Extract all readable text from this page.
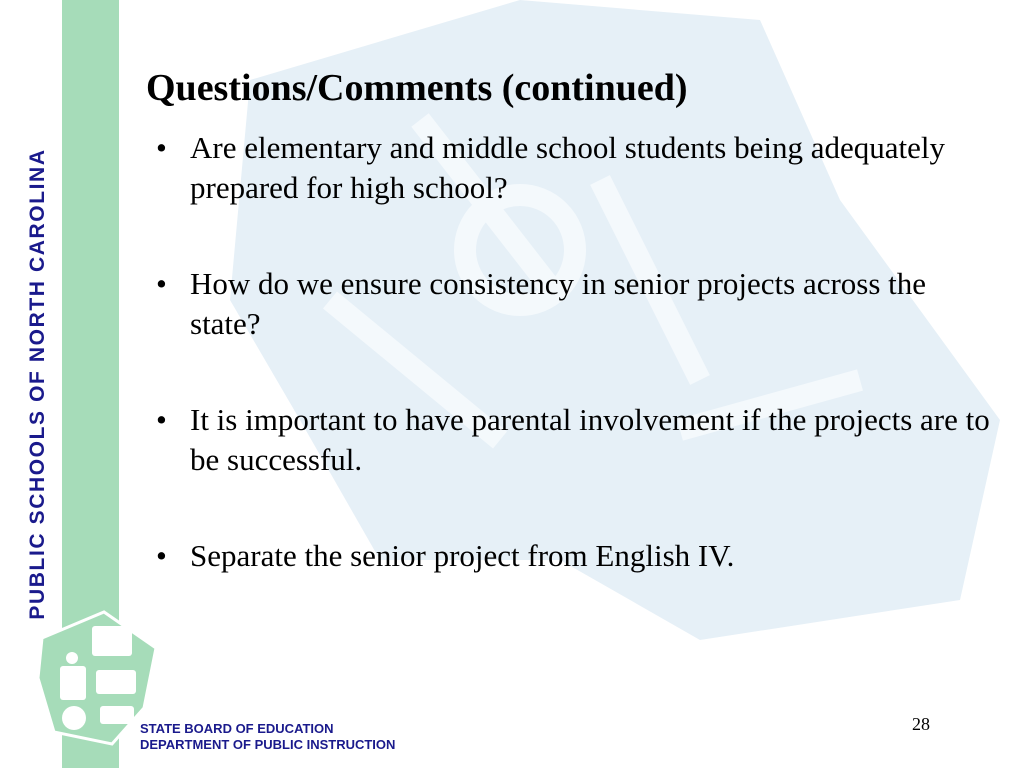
PUBLIC SCHOOLS OF NORTH CAROLINA
Questions/Comments (continued)
• Are elementary and middle school students being adequately prepared for high school?
• How do we ensure consistency in senior projects across the state?
• It is important to have parental involvement if the projects are to be successful.
• Separate the senior project from English IV.
STATE BOARD OF EDUCATION
DEPARTMENT OF PUBLIC INSTRUCTION
28
